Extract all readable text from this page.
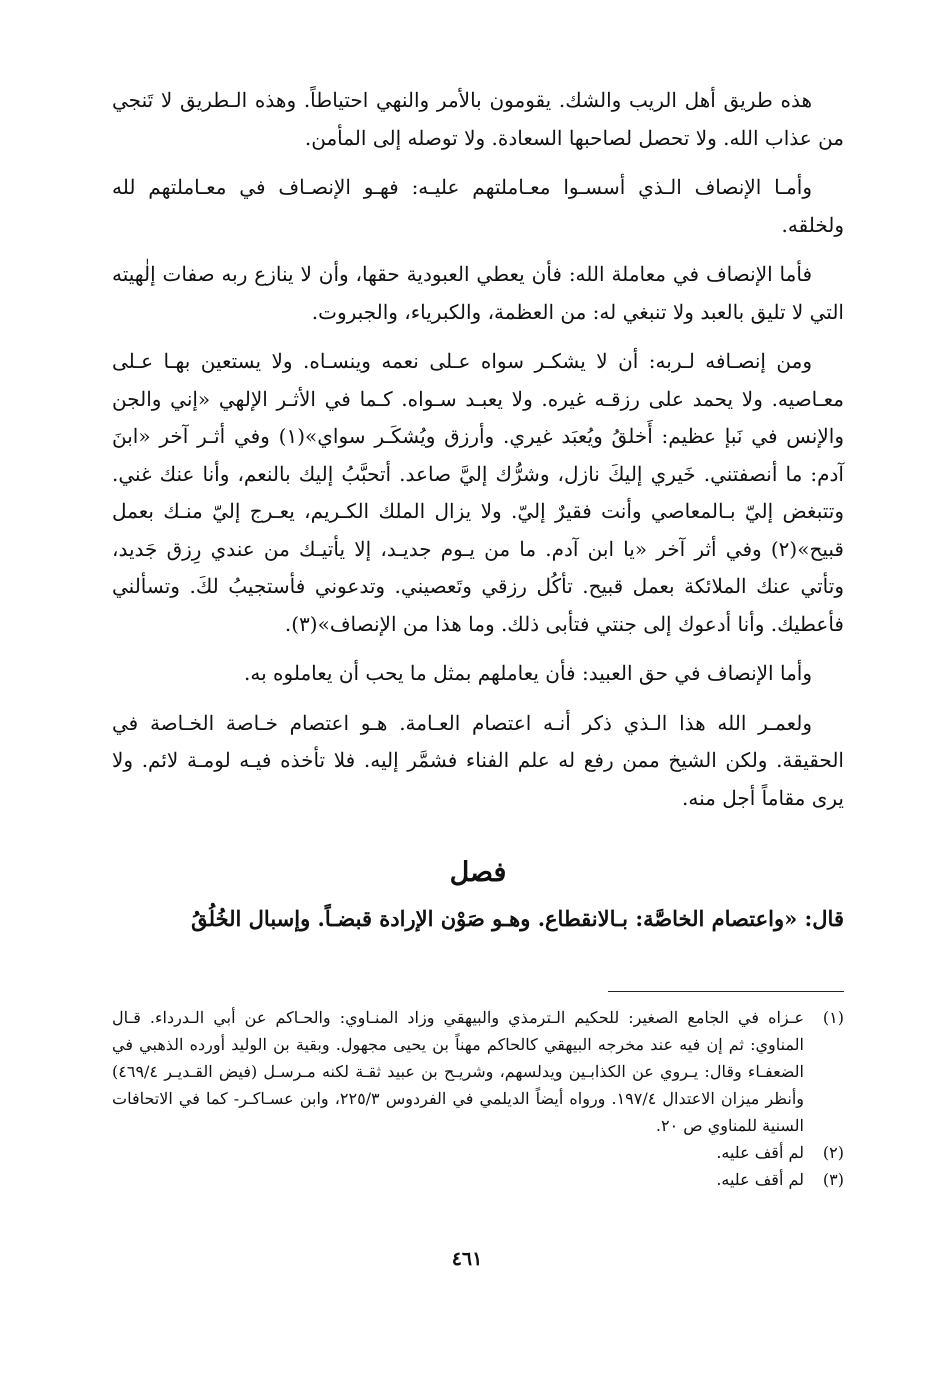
هذه طريق أهل الريب والشك. يقومون بالأمر والنهي احتياطاً. وهذه الـطريق لا تَنجي من عذاب الله. ولا تحصل لصاحبها السعادة. ولا توصله إلى المأمن.

وأمـا الإنصاف الـذي أسسـوا معـاملتهم عليـه: فهـو الإنصـاف في معـاملتهم لله ولخلقه.

فأما الإنصاف في معاملة الله: فأن يعطي العبودية حقها، وأن لا ينازع ربه صفات إلٰهيته التي لا تليق بالعبد ولا تنبغي له: من العظمة، والكبرياء، والجبروت.

ومن إنصـافه لـربه: أن لا يشكـر سواه عـلى نعمه وينسـاه. ولا يستعين بهـا عـلى معـاصيه. ولا يحمد على رزقـه غيره. ولا يعبـد سـواه. كـما في الأثـر الإلهي «إني والجن والإنس في نَبإ عظيم: أَخلقُ ويُعبَد غيري. وأرزق ويُشكَـر سواي»(١) وفي أثـر آخر «ابنَ آدم: ما أنصفتني. خَيري إليكَ نازل، وشرُّك إليَّ صاعد. أتحبَّبُ إليك بالنعم، وأنا عنك غني. وتتبغض إليّ بـالمعاصي وأنت فقيرٌ إليّ. ولا يزال الملك الكـريم، يعـرج إليّ منـك بعمل قبيح»(٢) وفي أثر آخر «يا ابن آدم. ما من يـوم جديـد، إلا يأتيـك من عندي رِزق جَديد، وتأتي عنك الملائكة بعمل قبيح. تأكُل رزقي وتَعصيني. وتدعوني فأستجيبُ لكَ. وتسألني فأعطيك. وأنا أدعوك إلى جنتي فتأبى ذلك. وما هذا من الإنصاف»(٣).

وأما الإنصاف في حق العبيد: فأن يعاملهم بمثل ما يحب أن يعاملوه به.

ولعمـر الله هذا الـذي ذكر أنـه اعتصام العـامة. هـو اعتصام خـاصة الخـاصة في الحقيقة. ولكن الشيخ ممن رفع له علم الفناء فشمَّر إليه. فلا تأخذه فيـه لومـة لائم. ولا يرى مقاماً أجل منه.

فصل

قال: «واعتصام الخاصَّة: بـالانقطاع. وهـو صَوْن الإرادة قبضـاً. وإسبال الخُلُقُ

(١)
عـزاه في الجامع الصغير: للحكيم الـترمذي والبيهقي وزاد المنـاوي: والحـاكم عن أبي الـدرداء. قـال المناوي: ثم إن فيه عند مخرجه البيهقي كالحاكم مهناً بن يحيى مجهول. وبقية بن الوليد أورده الذهبي في الضعفـاء وقال: يـروي عن الكذابـين ويدلسهم، وشريـح بن عبيد ثقـة لكنه مـرسـل (فيض القـديـر ٤٦٩/٤) وأنظر ميزان الاعتدال ١٩٧/٤. ورواه أيضاً الديلمي في الفردوس ٢٢٥/٣، وابن عسـاكـر- كما في الاتحافات السنية للمناوي ص ٢٠.
(٢)
لم أقف عليه.
(٣)
لم أقف عليه.
٤٦١
